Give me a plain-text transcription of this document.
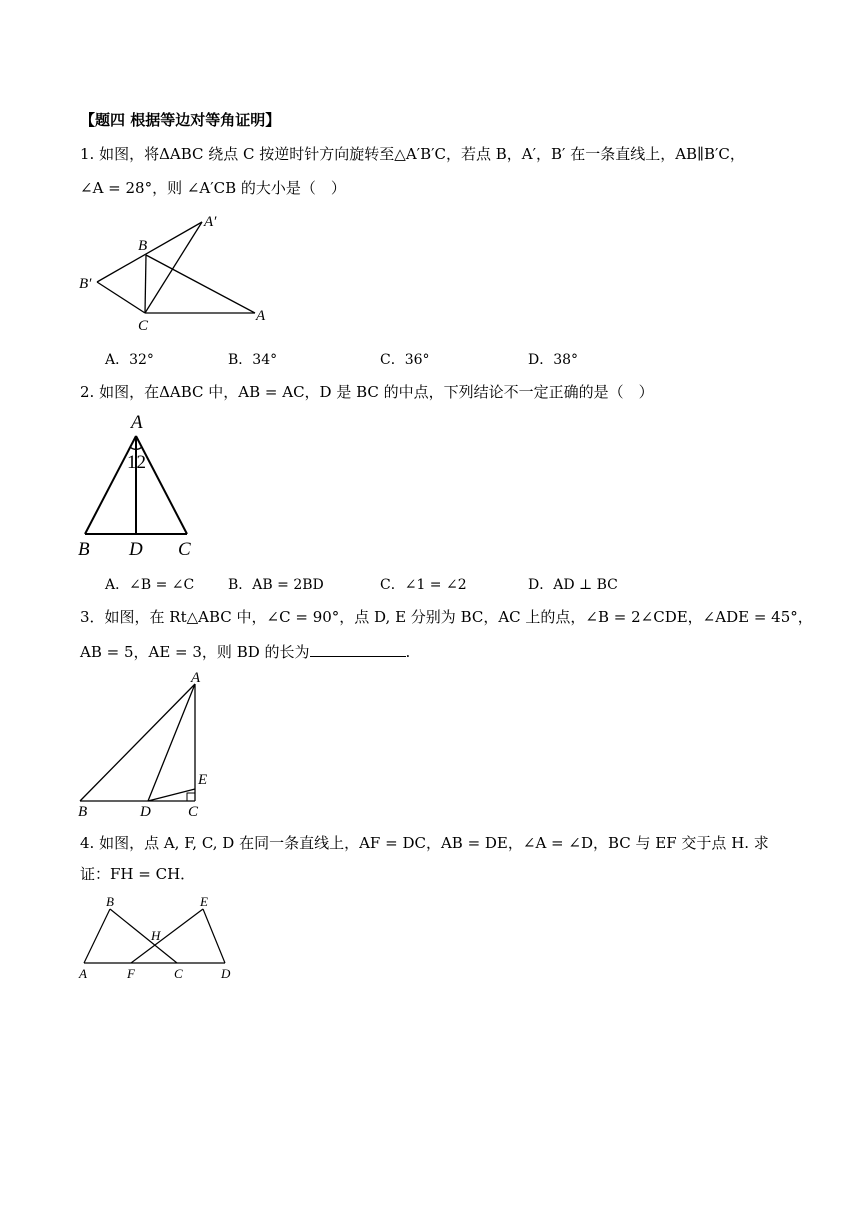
【题四 根据等边对等角证明】
1. 如图，将ΔABC 绕点 C 按逆时针方向旋转至△A′B′C，若点 B，A′，B′ 在一条直线上，AB∥B′C，
∠A = 28°，则 ∠A′CB 的大小是（　）
B
A′
B′
C
A
A．32°	B．34°	C．36°	D．38°
2. 如图，在ΔABC 中，AB = AC，D 是 BC 的中点，下列结论不一定正确的是（　）
A
12
B D C
A．∠B = ∠C B．AB = 2BD	C．∠1 = ∠2	D．AD ⊥ BC
3．如图，在 Rt△ABC 中，∠C = 90°，点 D, E 分别为 BC，AC 上的点，∠B = 2∠CDE，∠ADE = 45°，
AB = 5，AE = 3，则 BD 的长为	.
A
E
B	D C
4. 如图，点 A, F, C, D 在同一条直线上，AF = DC，AB = DE，∠A = ∠D，BC 与 EF 交于点 H. 求
证：FH = CH．
B	E
H
A	F	C	D
